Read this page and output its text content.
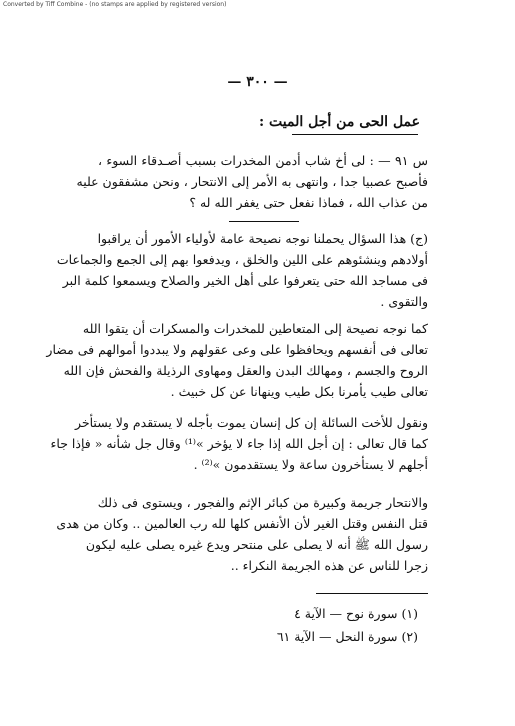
Converted by Tiff Combine - (no stamps are applied by registered version)
— ٣٠٠ —
عمل الحى من أجل الميت :
س ٩١ — : لى أخ شاب أدمن المخدرات بسبب أصـدقاء السوء ،
فأصبح عصبيا جدا ، وانتهى به الأمر إلى الانتحار ، ونحن مشفقون عليه
من عذاب الله ، فماذا نفعل حتى يغفر الله له ؟
(ج) هذا السؤال يحملنا نوجه نصيحة عامة لأولياء الأمور أن يراقبوا
أولادهم وينشئوهم على اللين والخلق ، ويدفعوا بهم إلى الجمع والجماعات
فى مساجد الله حتى يتعرفوا على أهل الخير والصلاح ويسمعوا كلمة البر
والتقوى .
كما نوجه نصيحة إلى المتعاطين للمخدرات والمسكرات أن يتقوا الله
تعالى فى أنفسهم ويحافظوا على وعى عقولهم ولا يبددوا أموالهم فى مضار
الروح والجسم ، ومهالك البدن والعقل ومهاوى الرذيلة والفحش فإن الله
تعالى طيب يأمرنا بكل طيب وينهانا عن كل خبيث .
ونقول للأخت السائلة إن كل إنسان يموت بأجله لا يستقدم ولا يستأخر
كما قال تعالى : إن أجل الله إذا جاء لا يؤخر »⁽¹⁾ وقال جل شأنه « فإذا جاء
أجلهم لا يستأخرون ساعة ولا يستقدمون »⁽²⁾ .
والانتحار جريمة وكبيرة من كبائر الإثم والفجور ، ويستوى فى ذلك
قتل النفس وقتل الغير لأن الأنفس كلها لله رب العالمين .. وكان من هدى
رسول الله ﷺ أنه لا يصلى على منتحر ويدع غيره يصلى عليه ليكون
زجرا للناس عن هذه الجريمة النكراء ..
(١) سورة نوح — الآية ٤
(٢) سورة النحل — الآية ٦١
